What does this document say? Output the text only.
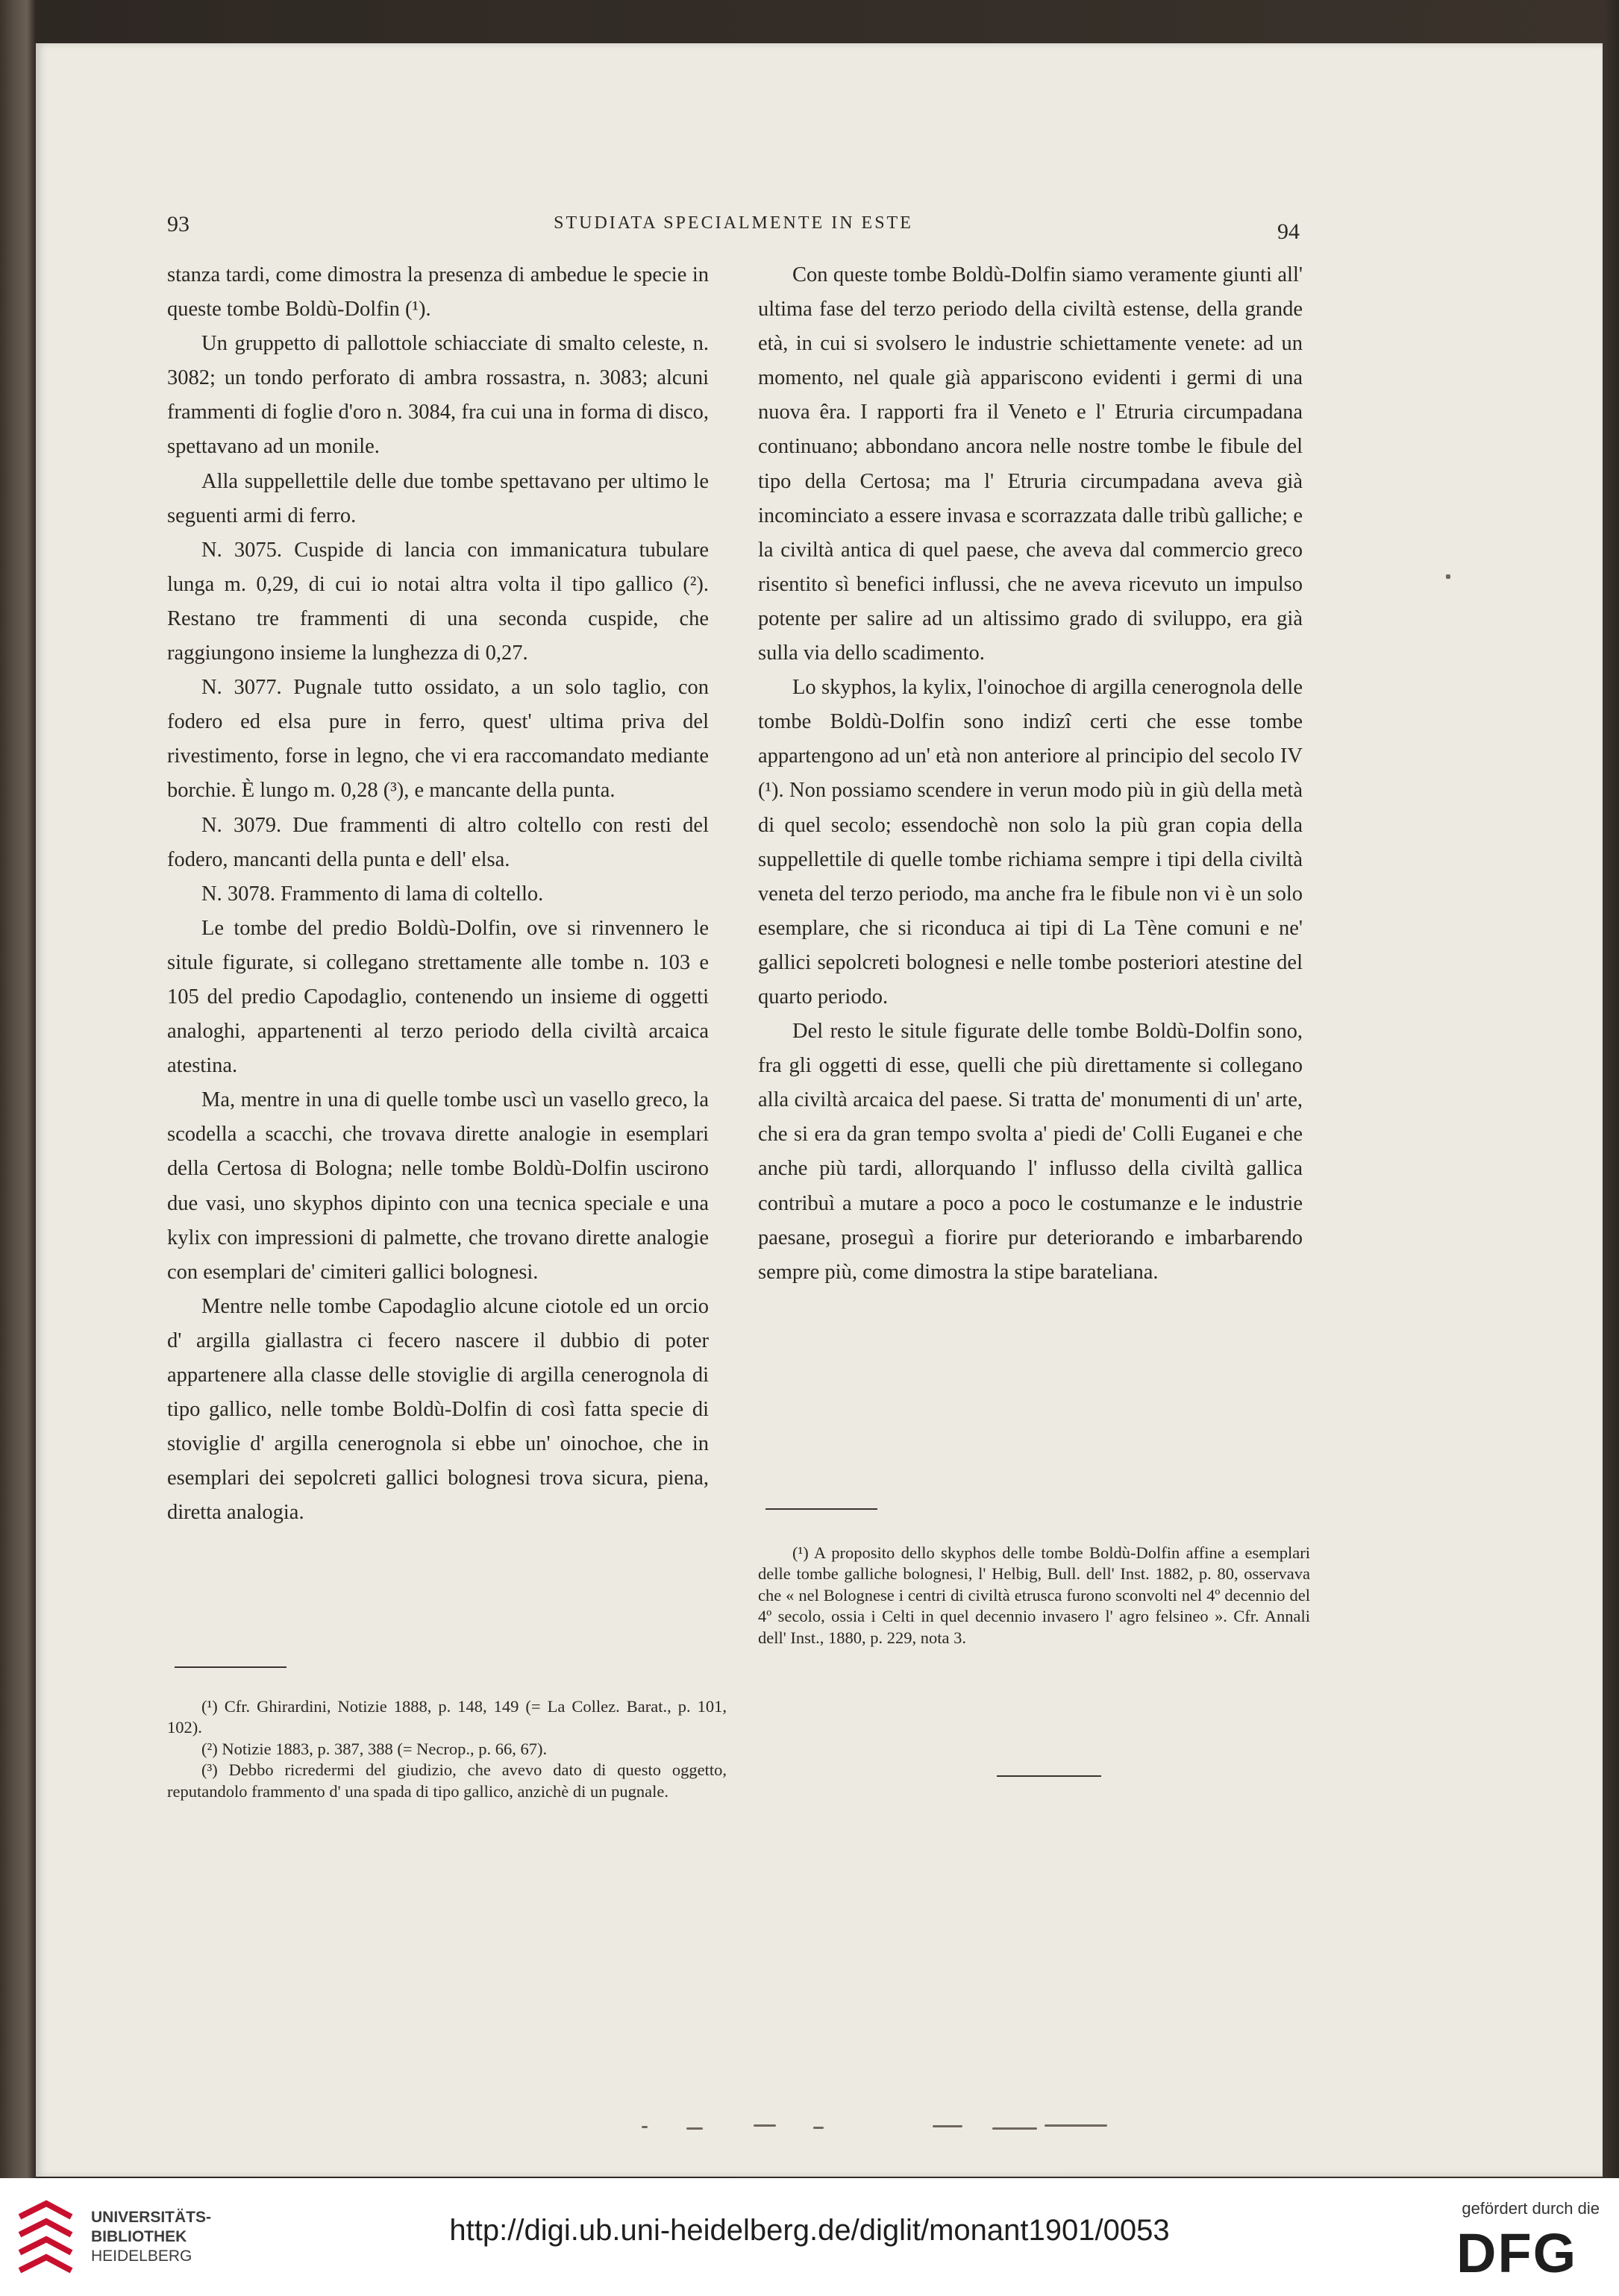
93	STUDIATA SPECIALMENTE IN ESTE	94

stanza tardi, come dimostra la presenza di ambedue le specie in queste tombe Boldù-Dolfin (¹).

Un gruppetto di pallottole schiacciate di smalto celeste, n. 3082; un tondo perforato di ambra rossastra, n. 3083; alcuni frammenti di foglie d'oro n. 3084, fra cui una in forma di disco, spettavano ad un monile.

Alla suppellettile delle due tombe spettavano per ultimo le seguenti armi di ferro.

N. 3075. Cuspide di lancia con immanicatura tubulare lunga m. 0,29, di cui io notai altra volta il tipo gallico (²). Restano tre frammenti di una seconda cuspide, che raggiungono insieme la lunghezza di 0,27.

N. 3077. Pugnale tutto ossidato, a un solo taglio, con fodero ed elsa pure in ferro, quest' ultima priva del rivestimento, forse in legno, che vi era raccomandato mediante borchie. È lungo m. 0,28 (³), e mancante della punta.

N. 3079. Due frammenti di altro coltello con resti del fodero, mancanti della punta e dell' elsa.

N. 3078. Frammento di lama di coltello.

Le tombe del predio Boldù-Dolfin, ove si rinvennero le situle figurate, si collegano strettamente alle tombe n. 103 e 105 del predio Capodaglio, contenendo un insieme di oggetti analoghi, appartenenti al terzo periodo della civiltà arcaica atestina.

Ma, mentre in una di quelle tombe uscì un vasello greco, la scodella a scacchi, che trovava dirette analogie in esemplari della Certosa di Bologna; nelle tombe Boldù-Dolfin uscirono due vasi, uno skyphos dipinto con una tecnica speciale e una kylix con impressioni di palmette, che trovano dirette analogie con esemplari de' cimiteri gallici bolognesi.

Mentre nelle tombe Capodaglio alcune ciotole ed un orcio d' argilla giallastra ci fecero nascere il dubbio di poter appartenere alla classe delle stoviglie di argilla cenerognola di tipo gallico, nelle tombe Boldù-Dolfin di così fatta specie di stoviglie d' argilla cenerognola si ebbe un' oinochoe, che in esemplari dei sepolcreti gallici bolognesi trova sicura, piena, diretta analogia.

(¹) Cfr. Ghirardini, Notizie 1888, p. 148, 149 (= La Collez. Barat., p. 101, 102).

(²) Notizie 1883, p. 387, 388 (= Necrop., p. 66, 67).

(³) Debbo ricredermi del giudizio, che avevo dato di questo oggetto, reputandolo frammento d' una spada di tipo gallico, anzichè di un pugnale.

Con queste tombe Boldù-Dolfin siamo veramente giunti all' ultima fase del terzo periodo della civiltà estense, della grande età, in cui si svolsero le industrie schiettamente venete: ad un momento, nel quale già appariscono evidenti i germi di una nuova êra. I rapporti fra il Veneto e l' Etruria circumpadana continuano; abbondano ancora nelle nostre tombe le fibule del tipo della Certosa; ma l' Etruria circumpadana aveva già incominciato a essere invasa e scorrazzata dalle tribù galliche; e la civiltà antica di quel paese, che aveva dal commercio greco risentito sì benefici influssi, che ne aveva ricevuto un impulso potente per salire ad un altissimo grado di sviluppo, era già sulla via dello scadimento.

Lo skyphos, la kylix, l'oinochoe di argilla cenerognola delle tombe Boldù-Dolfin sono indizî certi che esse tombe appartengono ad un' età non anteriore al principio del secolo IV (¹). Non possiamo scendere in verun modo più in giù della metà di quel secolo; essendochè non solo la più gran copia della suppellettile di quelle tombe richiama sempre i tipi della civiltà veneta del terzo periodo, ma anche fra le fibule non vi è un solo esemplare, che si riconduca ai tipi di La Tène comuni e ne' gallici sepolcreti bolognesi e nelle tombe posteriori atestine del quarto periodo.

Del resto le situle figurate delle tombe Boldù-Dolfin sono, fra gli oggetti di esse, quelli che più direttamente si collegano alla civiltà arcaica del paese. Si tratta de' monumenti di un' arte, che si era da gran tempo svolta a' piedi de' Colli Euganei e che anche più tardi, allorquando l' influsso della civiltà gallica contribuì a mutare a poco a poco le costumanze e le industrie paesane, proseguì a fiorire pur deteriorando e imbarbarendo sempre più, come dimostra la stipe barateliana.

(¹) A proposito dello skyphos delle tombe Boldù-Dolfin affine a esemplari delle tombe galliche bolognesi, l' Helbig, Bull. dell' Inst. 1882, p. 80, osservava che « nel Bolognese i centri di civiltà etrusca furono sconvolti nel 4º decennio del 4º secolo, ossia i Celti in quel decennio invasero l' agro felsineo ». Cfr. Annali dell' Inst., 1880, p. 229, nota 3.

UNIVERSITÄTS-
BIBLIOTHEK
HEIDELBERG
http://digi.ub.uni-heidelberg.de/diglit/monant1901/0053
gefördert durch die
DFG
